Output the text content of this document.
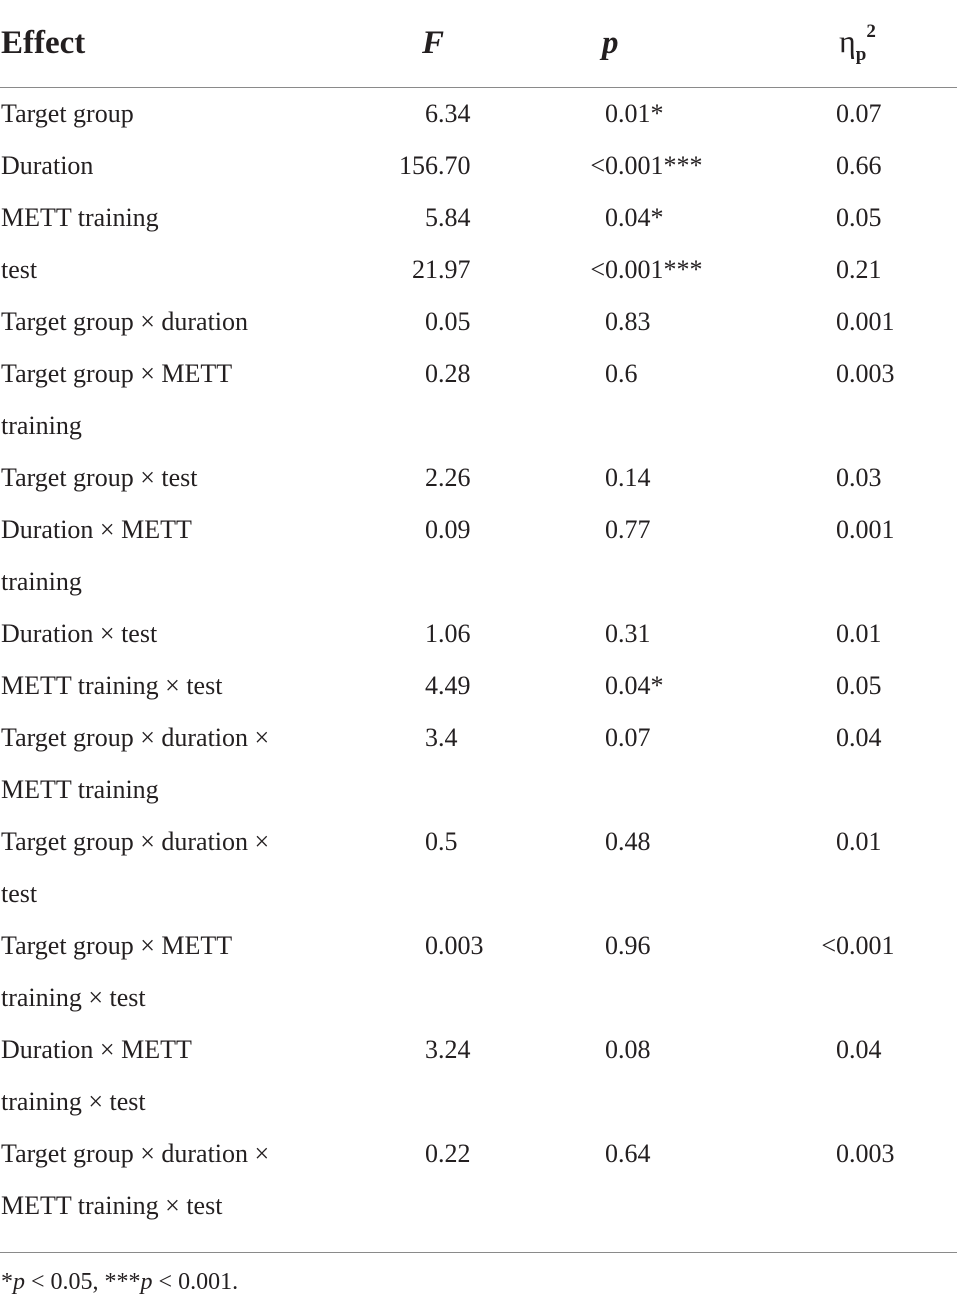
Effect	F	p	$\eta_p^2$

Target group	6.34	0.01*	0.07

Duration	156.70	<0.001***	0.66

METT training	5.84	0.04*	0.05

test	21.97	<0.001***	0.21

Target group × duration	0.05	0.83	0.001

Target group × METT
training	0.28	0.6	0.003

Target group × test	2.26	0.14	0.03

Duration × METT
training	0.09	0.77	0.001

Duration × test	1.06	0.31	0.01

METT training × test	4.49	0.04*	0.05

Target group × duration ×
METT training	3.4	0.07	0.04

Target group × duration ×
test	0.5	0.48	0.01

Target group × METT
training × test	0.003	0.96	<0.001

Duration × METT
training × test	3.24	0.08	0.04

Target group × duration ×
METT training × test	0.22	0.64	0.003
*p < 0.05, ***p < 0.001.
